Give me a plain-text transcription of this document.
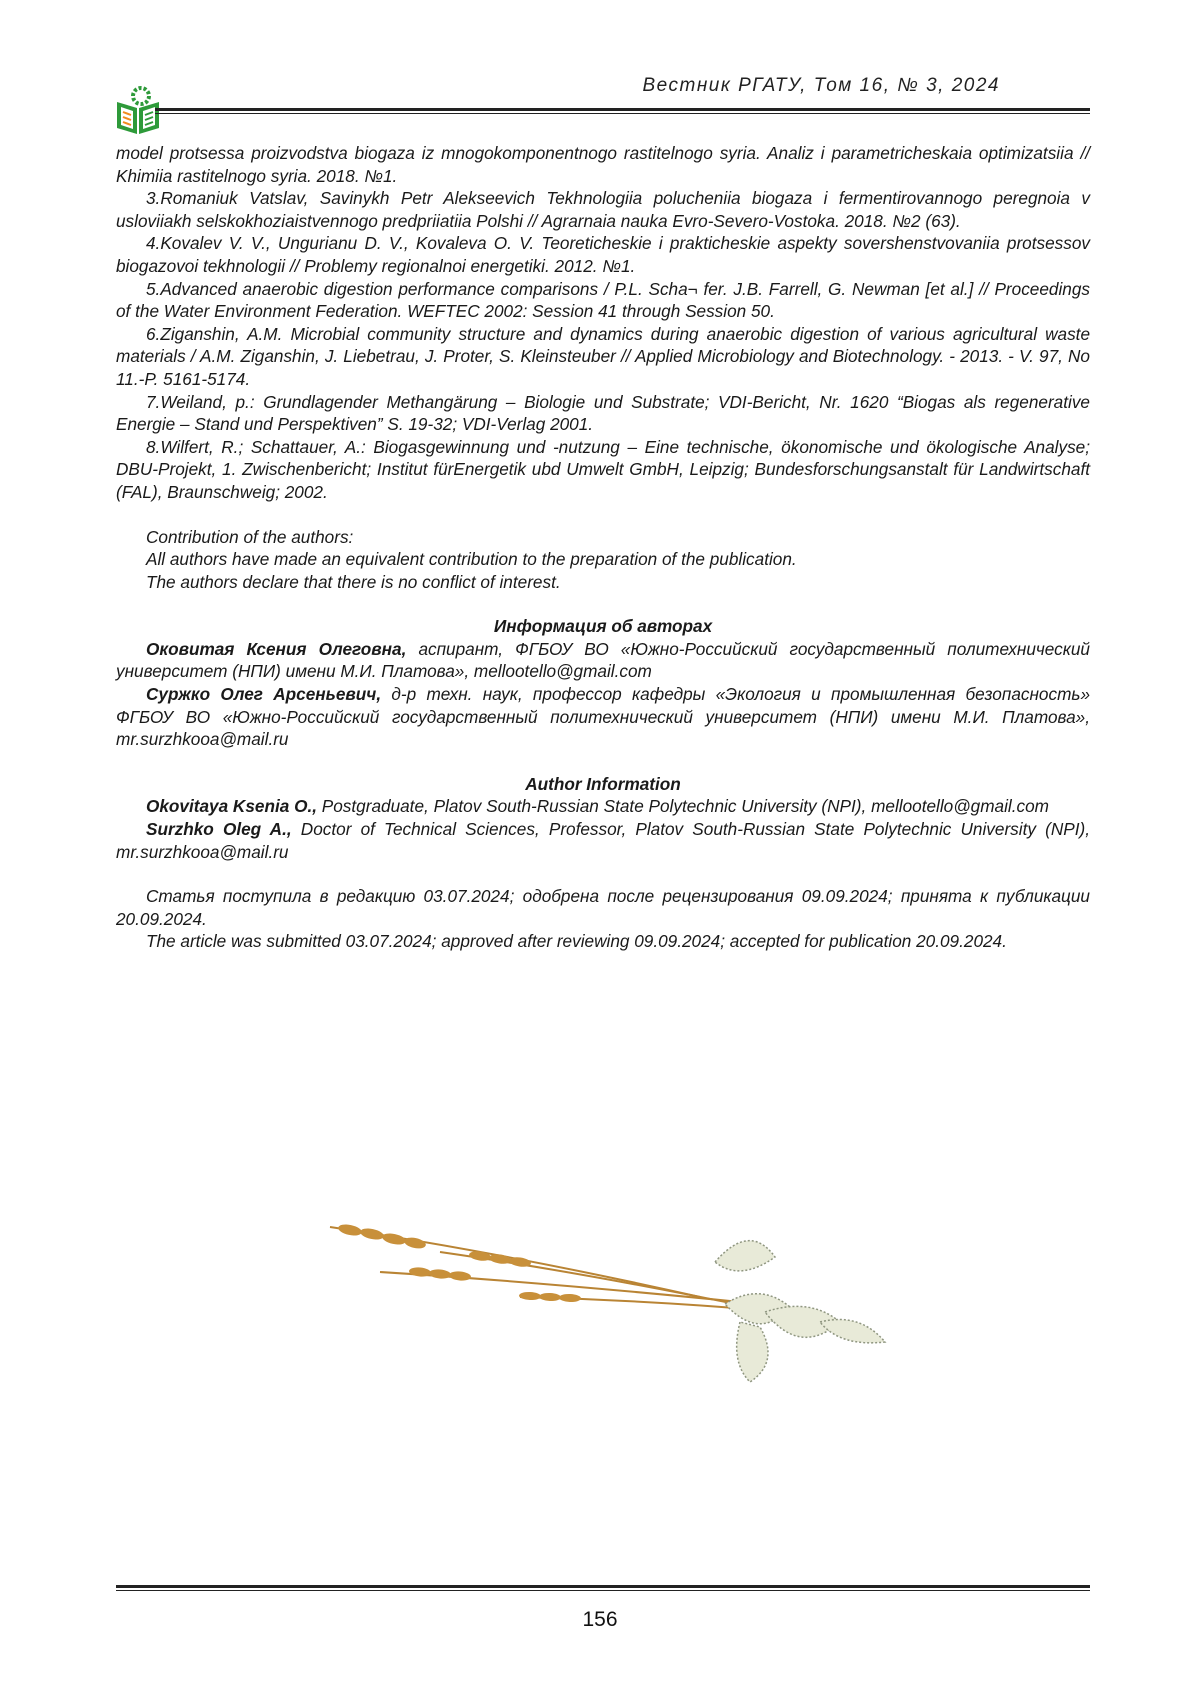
Вестник РГАТУ, Том 16, № 3, 2024

model protsessa proizvodstva biogaza iz mnogokomponentnogo rastitelnogo syria. Analiz i parametricheskaia optimizatsiia // Khimiia rastitelnogo syria. 2018. №1.

3.Romaniuk Vatslav, Savinykh Petr Alekseevich Tekhnologiia polucheniia biogaza i fermentirovannogo peregnoia v usloviiakh selskokhoziaistvennogo predpriiatiia Polshi // Agrarnaia nauka Evro-Severo-Vostoka. 2018. №2 (63).

4.Kovalev V. V., Ungurianu D. V., Kovaleva O. V. Teoreticheskie i prakticheskie aspekty sovershenstvovaniia protsessov biogazovoi tekhnologii // Problemy regionalnoi energetiki. 2012. №1.

5.Advanced anaerobic digestion performance comparisons / P.L. Scha¬ fer. J.B. Farrell, G. Newman [et al.] // Proceedings of the Water Environment Federation. WEFTEC 2002: Session 41 through Session 50.

6.Ziganshin, A.M. Microbial community structure and dynamics during anaerobic digestion of various agricultural waste materials / A.M. Ziganshin, J. Liebetrau, J. Proter, S. Kleinsteuber // Applied Microbiology and Biotechnology. - 2013. - V. 97, No 11.-P. 5161-5174.

7.Weiland, p.: Grundlagender Methangärung – Biologie und Substrate; VDI-Bericht, Nr. 1620 “Biogas als regenerative Energie – Stand und Perspektiven” S. 19-32; VDI-Verlag 2001.

8.Wilfert, R.; Schattauer, A.: Biogasgewinnung und -nutzung – Eine technische, ökonomische und ökologische Analyse; DBU-Projekt, 1. Zwischenbericht; Institut fürEnergetik ubd Umwelt GmbH, Leipzig; Bundesforschungsanstalt für Landwirtschaft (FAL), Braunschweig; 2002.

Contribution of the authors:

All authors have made an equivalent contribution to the preparation of the publication.

The authors declare that there is no conflict of interest.

Информация об авторах

Оковитая Ксения Олеговна, аспирант, ФГБОУ ВО «Южно-Российский государственный политехнический университет (НПИ) имени М.И. Платова», mellootello@gmail.com

Суржко Олег Арсеньевич, д-р техн. наук, профессор кафедры «Экология и промышленная безопасность» ФГБОУ ВО «Южно-Российский государственный политехнический университет (НПИ) имени М.И. Платова», mr.surzhkooa@mail.ru

Author Information

Okovitaya Ksenia O., Postgraduate, Platov South-Russian State Polytechnic University (NPI), mellootello@gmail.com

Surzhko Oleg A., Doctor of Technical Sciences, Professor, Platov South-Russian State Polytechnic University (NPI), mr.surzhkooa@mail.ru

Статья поступила в редакцию 03.07.2024; одобрена после рецензирования 09.09.2024; принята к публикации 20.09.2024.

The article was submitted 03.07.2024; approved after reviewing 09.09.2024; accepted for publication 20.09.2024.

156
